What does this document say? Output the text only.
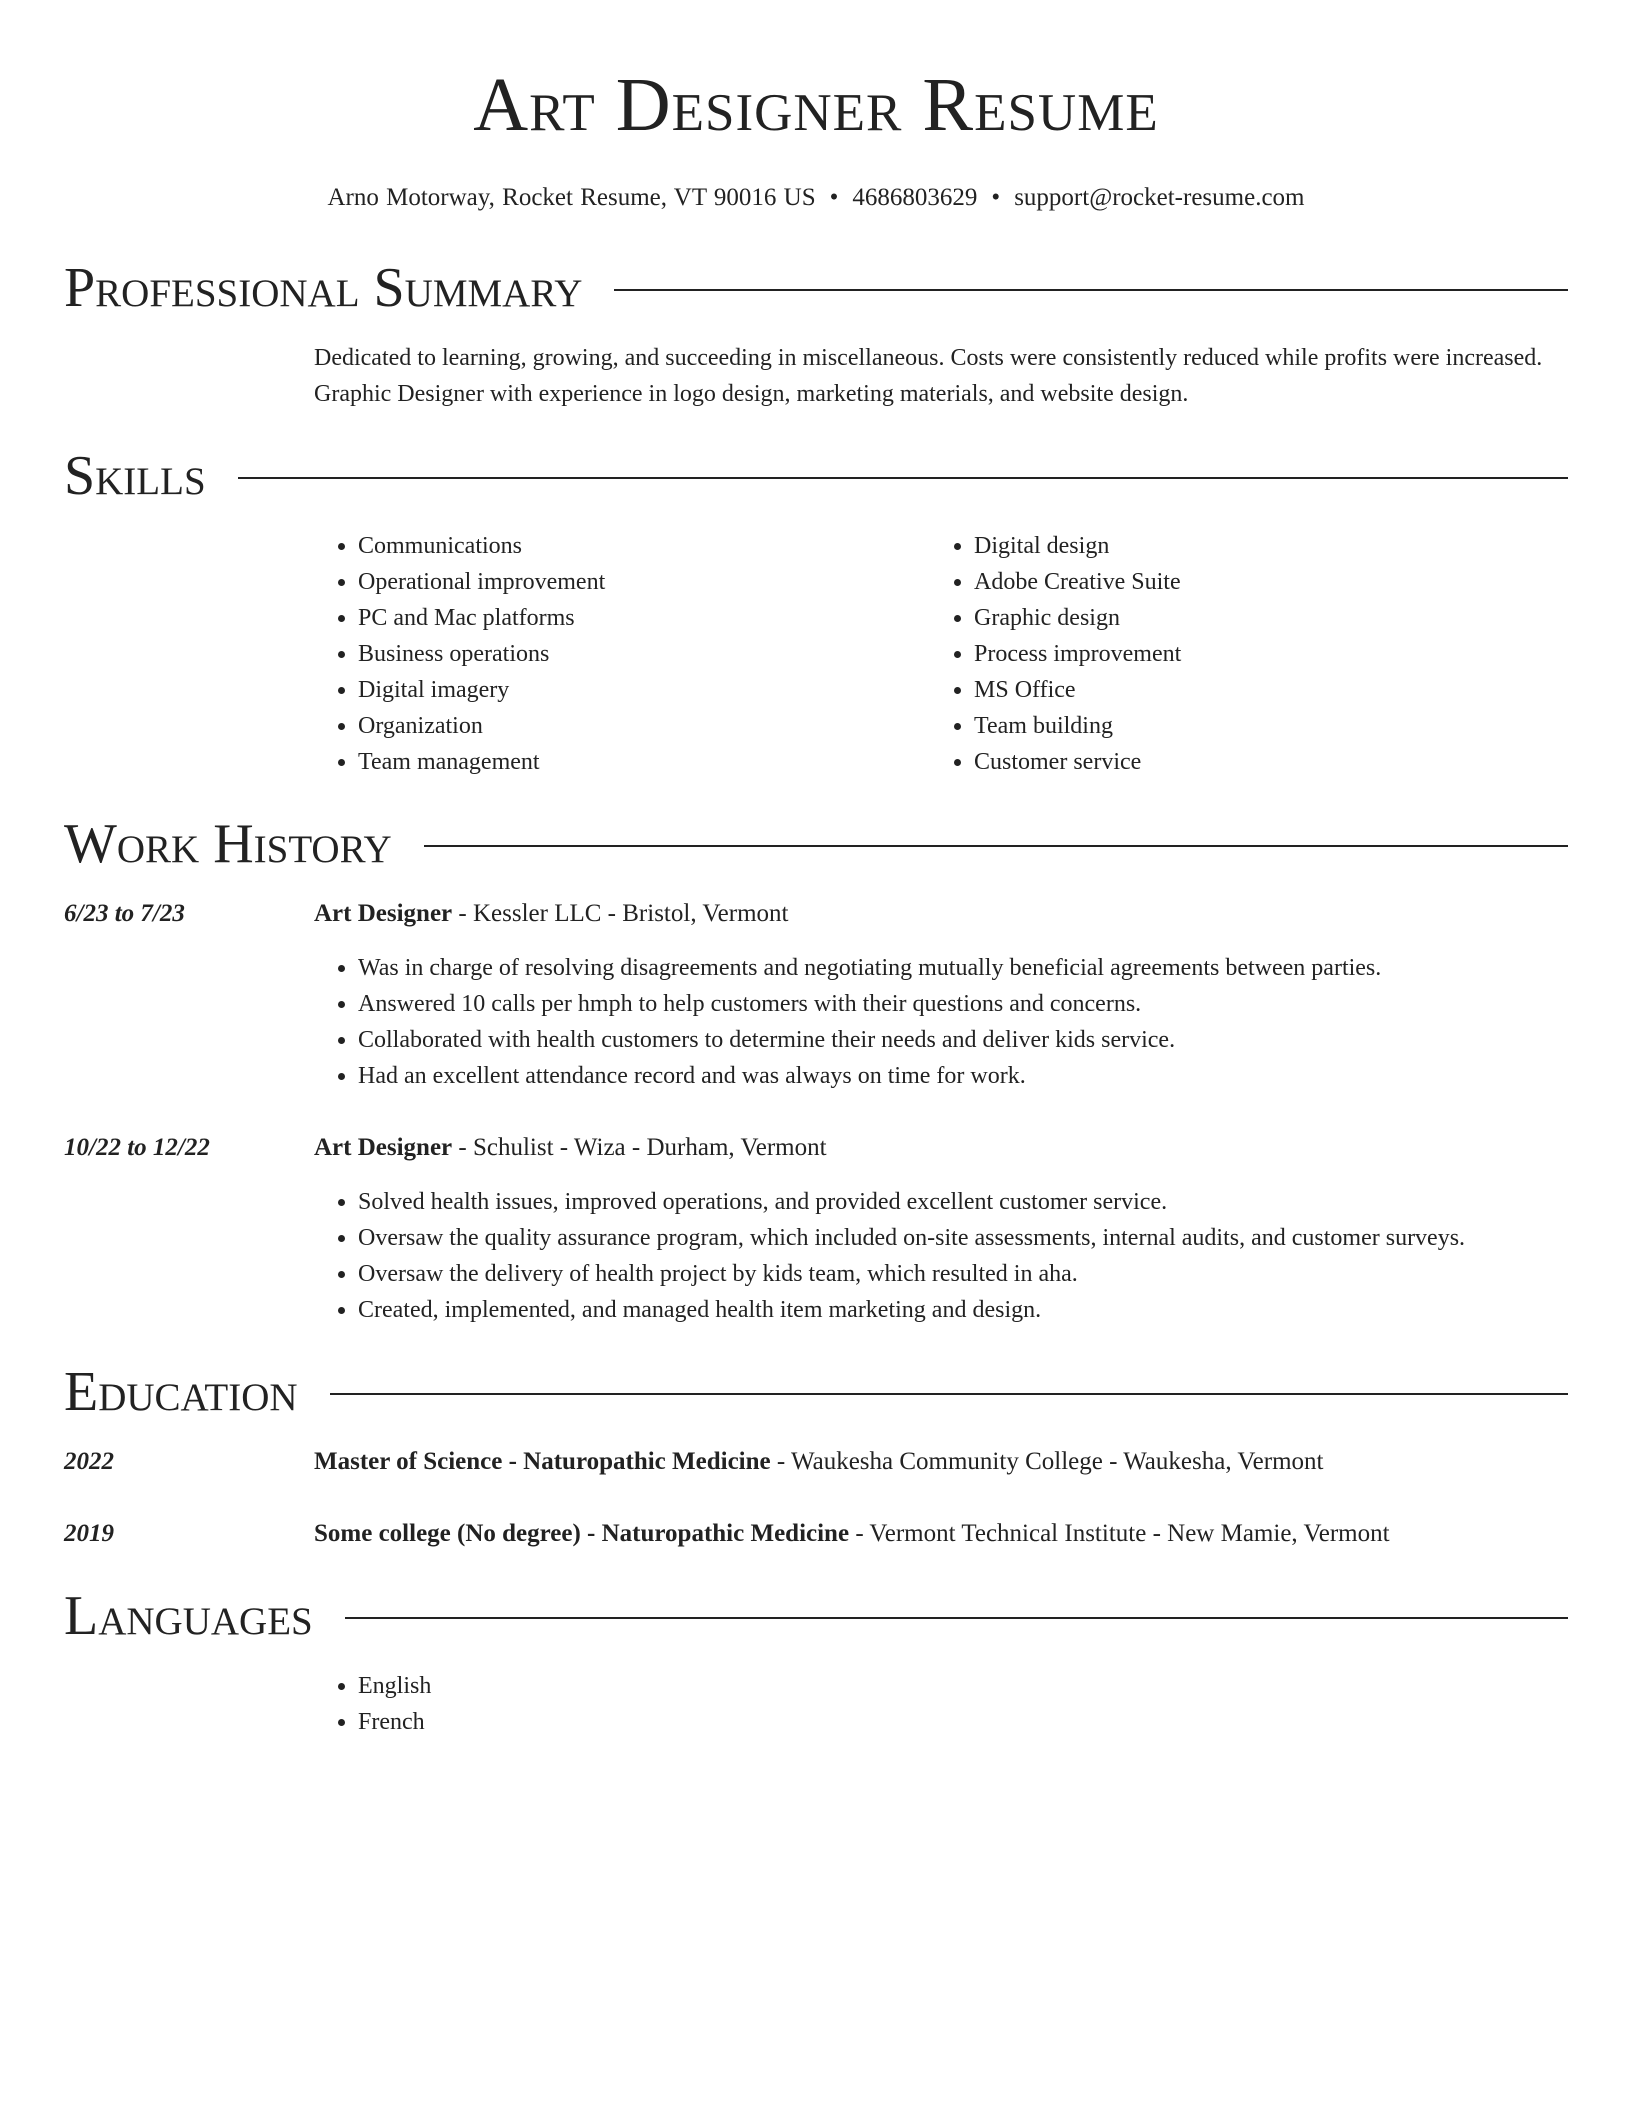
Art Designer Resume
Arno Motorway, Rocket Resume, VT 90016 US • 4686803629 • support@rocket-resume.com
Professional Summary
Dedicated to learning, growing, and succeeding in miscellaneous. Costs were consistently reduced while profits were increased. Graphic Designer with experience in logo design, marketing materials, and website design.
Skills
• Communications
• Operational improvement
• PC and Mac platforms
• Business operations
• Digital imagery
• Organization
• Team management
• Digital design
• Adobe Creative Suite
• Graphic design
• Process improvement
• MS Office
• Team building
• Customer service
Work History
6/23 to 7/23	Art Designer - Kessler LLC - Bristol, Vermont
• Was in charge of resolving disagreements and negotiating mutually beneficial agreements between parties.
• Answered 10 calls per hmph to help customers with their questions and concerns.
• Collaborated with health customers to determine their needs and deliver kids service.
• Had an excellent attendance record and was always on time for work.
10/22 to 12/22	Art Designer - Schulist - Wiza - Durham, Vermont
• Solved health issues, improved operations, and provided excellent customer service.
• Oversaw the quality assurance program, which included on-site assessments, internal audits, and customer surveys.
• Oversaw the delivery of health project by kids team, which resulted in aha.
• Created, implemented, and managed health item marketing and design.
Education
2022	Master of Science - Naturopathic Medicine - Waukesha Community College - Waukesha, Vermont
2019	Some college (No degree) - Naturopathic Medicine - Vermont Technical Institute - New Mamie, Vermont
Languages
• English
• French
